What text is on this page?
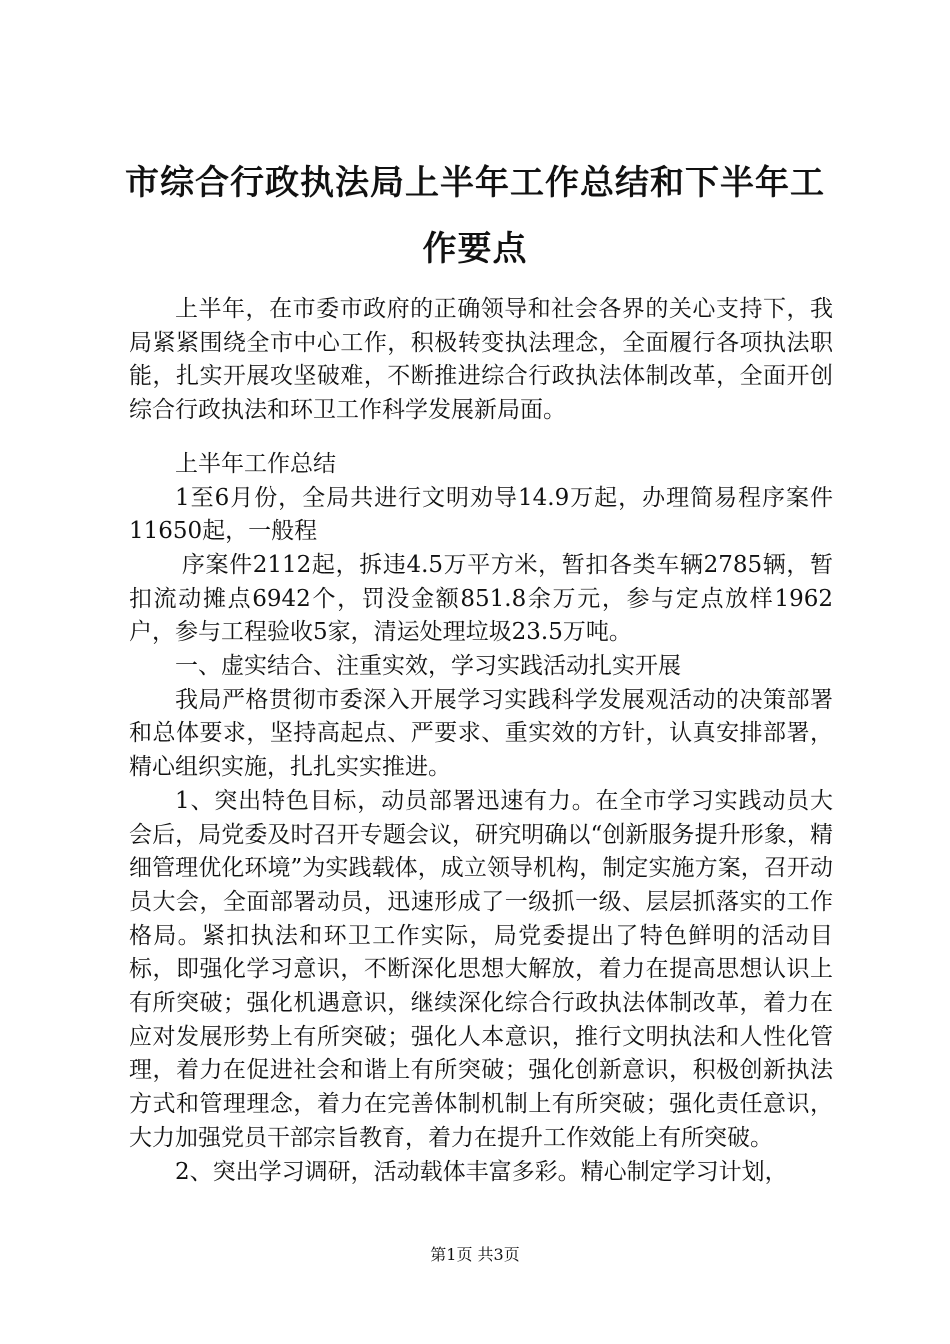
市综合行政执法局上半年工作总结和下半年工作要点

上半年，在市委市政府的正确领导和社会各界的关心支持下，我局紧紧围绕全市中心工作，积极转变执法理念，全面履行各项执法职能，扎实开展攻坚破难，不断推进综合行政执法体制改革，全面开创综合行政执法和环卫工作科学发展新局面。

上半年工作总结

1至6月份，全局共进行文明劝导14.9万起，办理简易程序案件11650起，一般程

序案件2112起，拆违4.5万平方米，暂扣各类车辆2785辆，暂扣流动摊点6942个，罚没金额851.8余万元，参与定点放样1962户，参与工程验收5家，清运处理垃圾23.5万吨。

一、虚实结合、注重实效，学习实践活动扎实开展

我局严格贯彻市委深入开展学习实践科学发展观活动的决策部署和总体要求，坚持高起点、严要求、重实效的方针，认真安排部署，精心组织实施，扎扎实实推进。

1、突出特色目标，动员部署迅速有力。在全市学习实践动员大会后，局党委及时召开专题会议，研究明确以“创新服务提升形象，精细管理优化环境”为实践载体，成立领导机构，制定实施方案，召开动员大会，全面部署动员，迅速形成了一级抓一级、层层抓落实的工作格局。紧扣执法和环卫工作实际，局党委提出了特色鲜明的活动目标，即强化学习意识，不断深化思想大解放，着力在提高思想认识上有所突破；强化机遇意识，继续深化综合行政执法体制改革，着力在应对发展形势上有所突破；强化人本意识，推行文明执法和人性化管理，着力在促进社会和谐上有所突破；强化创新意识，积极创新执法方式和管理理念，着力在完善体制机制上有所突破；强化责任意识，大力加强党员干部宗旨教育，着力在提升工作效能上有所突破。

2、突出学习调研，活动载体丰富多彩。精心制定学习计划，

第1页 共3页
